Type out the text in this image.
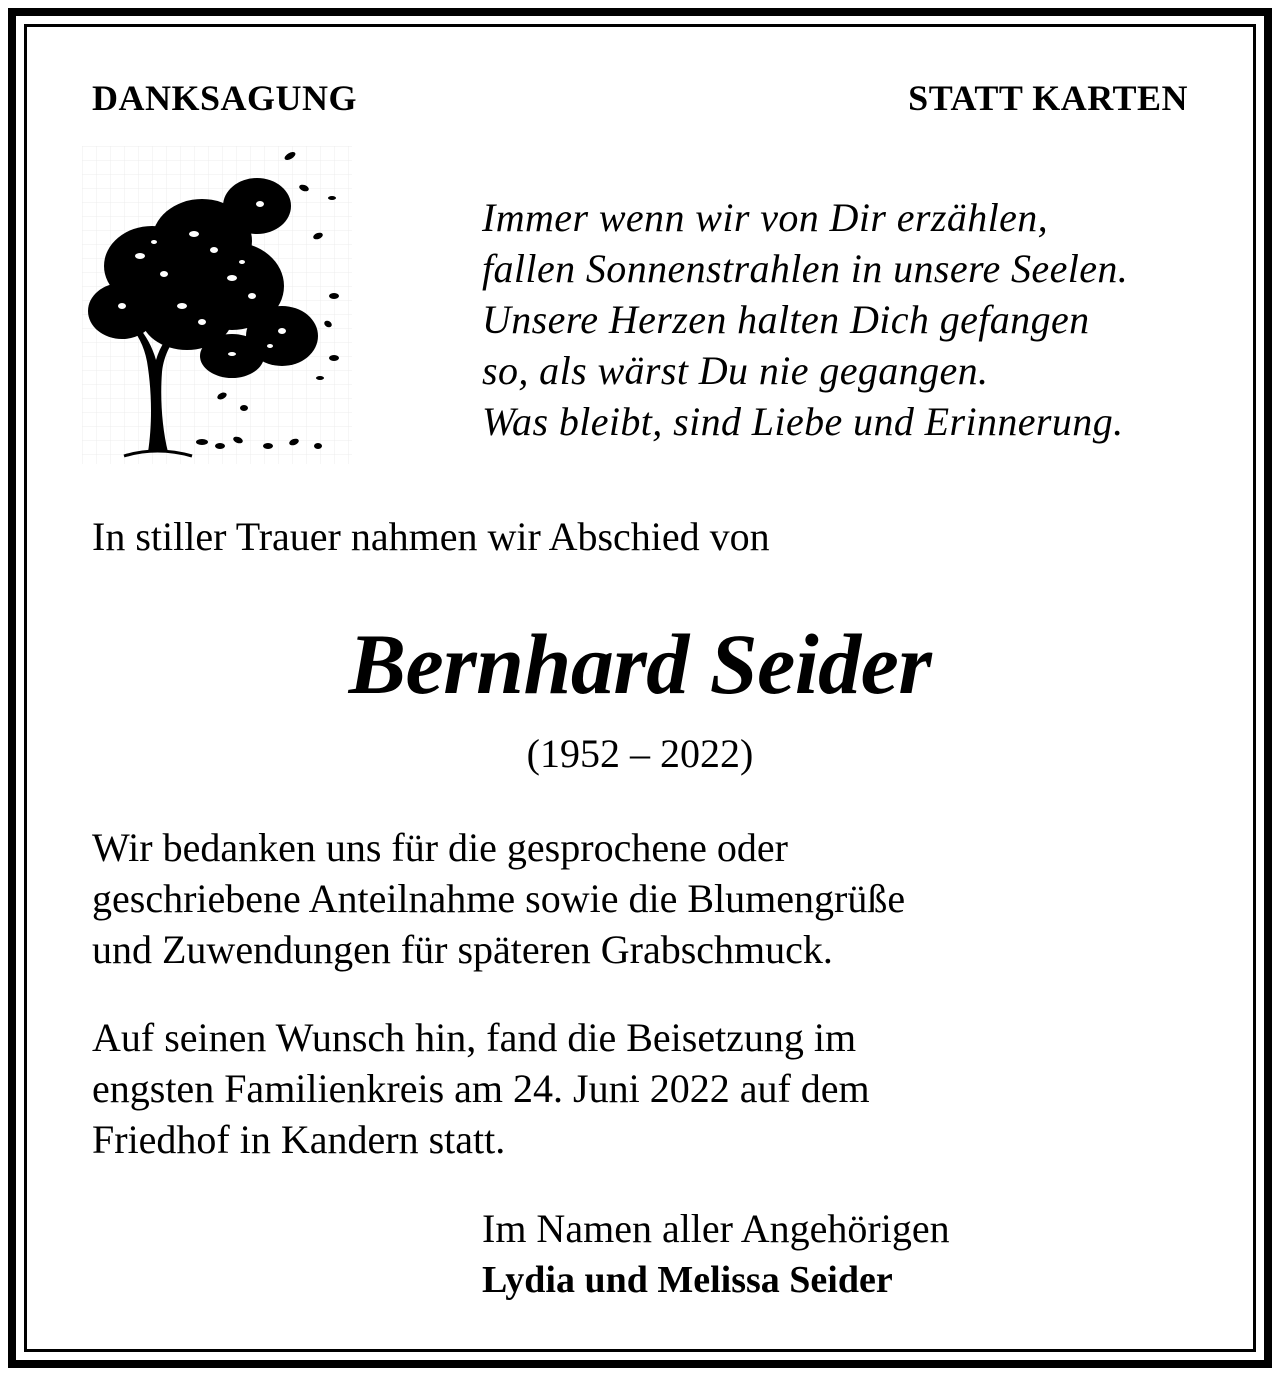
DANKSAGUNG	STATT KARTEN
Immer wenn wir von Dir erzählen,
fallen Sonnenstrahlen in unsere Seelen.
Unsere Herzen halten Dich gefangen
so, als wärst Du nie gegangen.
Was bleibt, sind Liebe und Erinnerung.
In stiller Trauer nahmen wir Abschied von
Bernhard Seider
(1952 – 2022)
Wir bedanken uns für die gesprochene oder
geschriebene Anteilnahme sowie die Blumengrüße
und Zuwendungen für späteren Grabschmuck.
Auf seinen Wunsch hin, fand die Beisetzung im
engsten Familienkreis am 24. Juni 2022 auf dem
Friedhof in Kandern statt.
Im Namen aller Angehörigen
Lydia und Melissa Seider
